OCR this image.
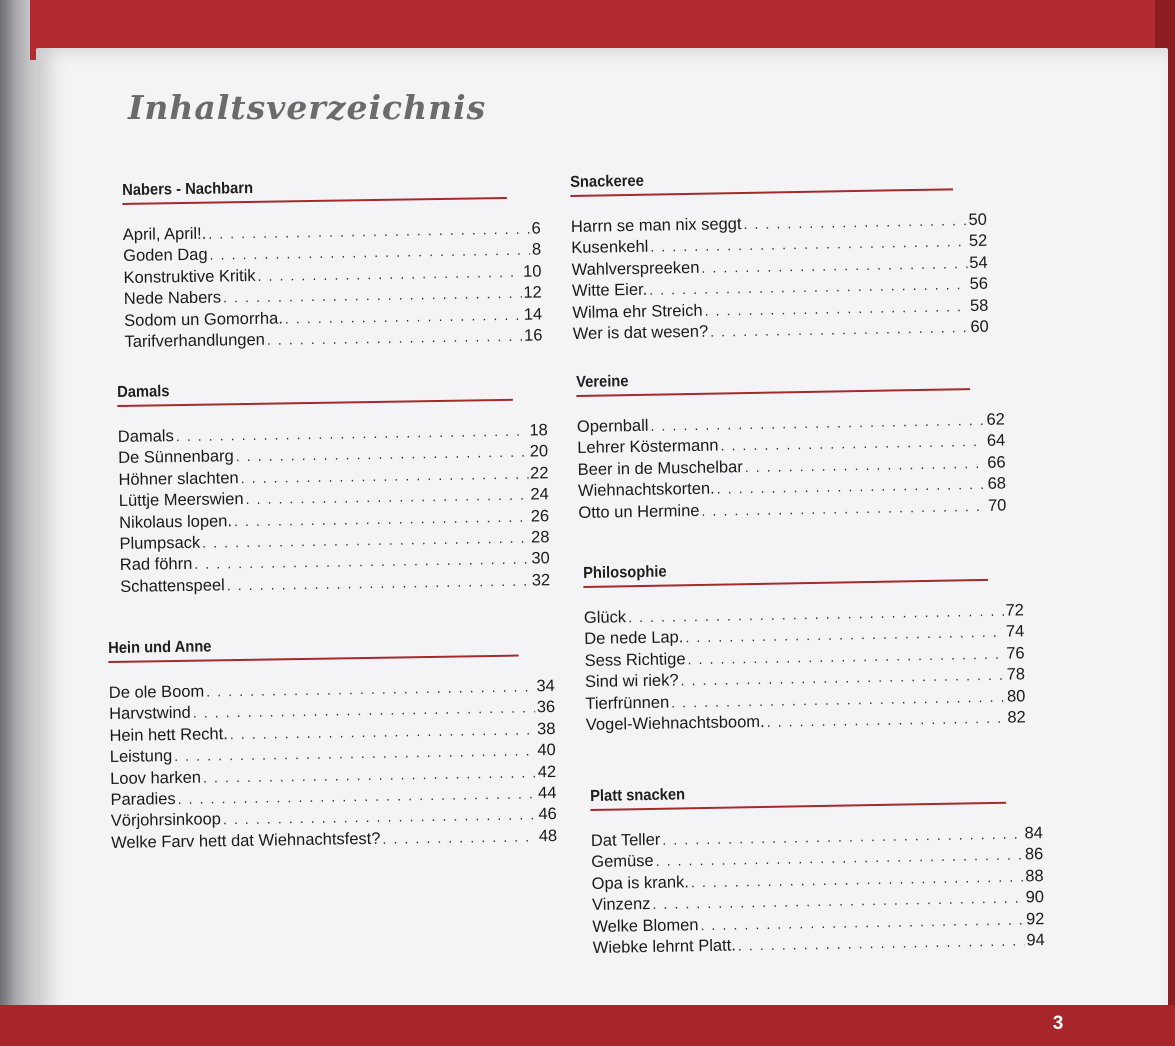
Inhaltsverzeichnis
Nabers - Nachbarn
April, April!. . . .	6
Goden Dag . . .	8
Konstruktive Kritik . . .	10
Nede Nabers . . .	12
Sodom un Gomorrha. . . .	14
Tarifverhandlungen . . .	16
Damals
Damals . . .	18
De Sünnenbarg . . .	20
Höhner slachten . . .	22
Lüttje Meerswien . . .	24
Nikolaus lopen. . . .	26
Plumpsack . . .	28
Rad föhrn . . .	30
Schattenspeel . . .	32
Hein und Anne
De ole Boom . . .	34
Harvstwind . . .	36
Hein hett Recht. . . .	38
Leistung . . .	40
Loov harken . . .	42
Paradies . . .	44
Vörjohrsinkoop . . .	46
Welke Farv hett dat Wiehnachtsfest? . . .	48
Snackeree
Harrn se man nix seggt . . .	50
Kusenkehl . . .	52
Wahlverspreeken . . .	54
Witte Eier. . . .	56
Wilma ehr Streich . . .	58
Wer is dat wesen? . . .	60
Vereine
Opernball . . .	62
Lehrer Köstermann . . .	64
Beer in de Muschelbar . . .	66
Wiehnachtskorten. . . .	68
Otto un Hermine . . .	70
Philosophie
Glück . . .	72
De nede Lap. . . .	74
Sess Richtige . . .	76
Sind wi riek? . . .	78
Tierfrünnen . . .	80
Vogel-Wiehnachtsboom. . . .	82
Platt snacken
Dat Teller . . .	84
Gemüse . . .	86
Opa is krank. . . .	88
Vinzenz . . .	90
Welke Blomen . . .	92
Wiebke lehrnt Platt. . . .	94
3
